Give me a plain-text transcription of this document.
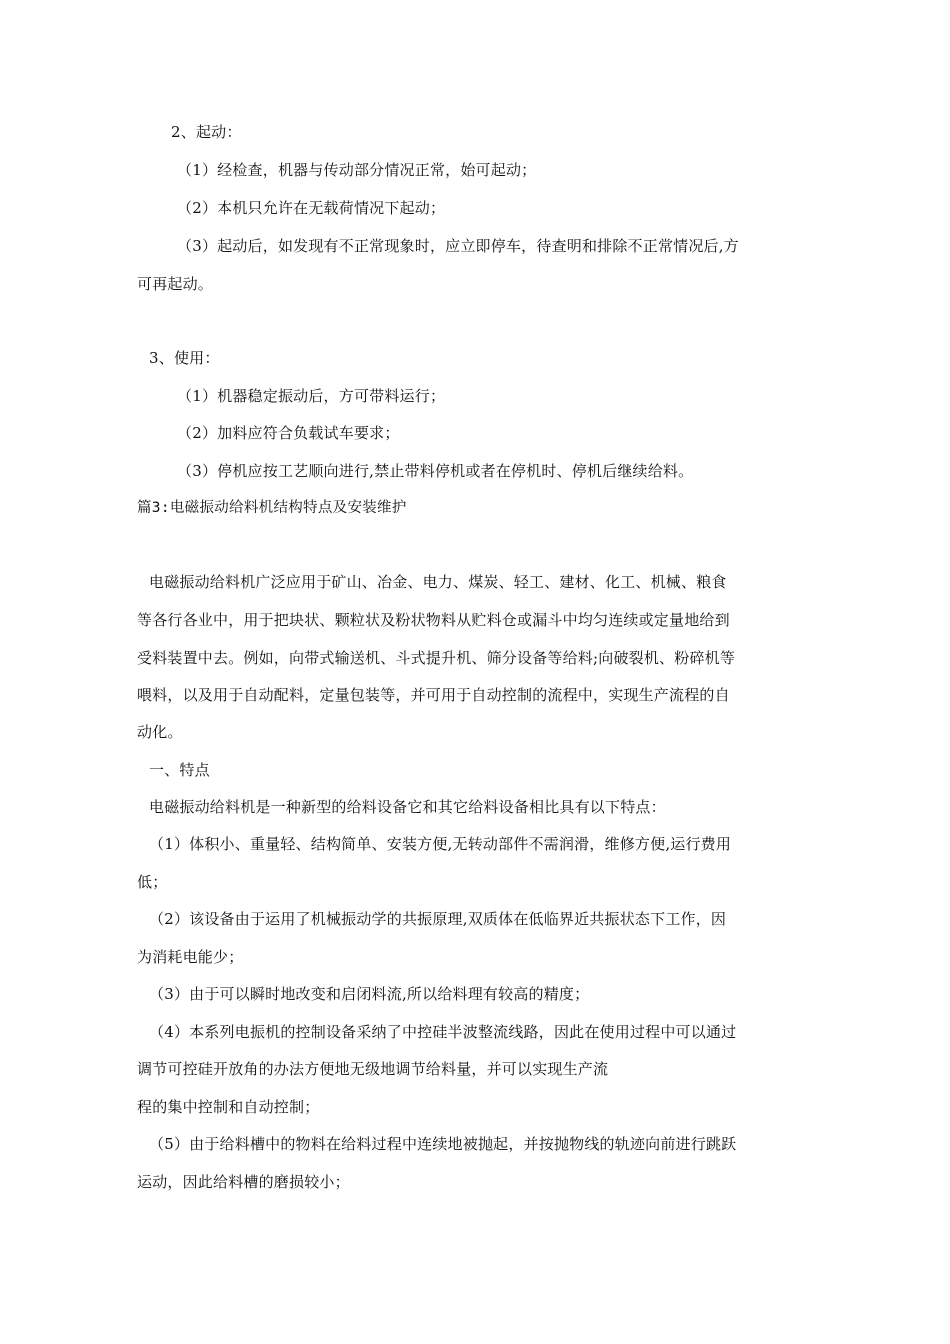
2、起动：
（1）经检查，机器与传动部分情况正常，始可起动；
（2）本机只允许在无载荷情况下起动；
（3）起动后，如发现有不正常现象时，应立即停车，待查明和排除不正常情况后,方
可再起动。
3、使用：
（1）机器稳定振动后，方可带料运行；
（2）加料应符合负载试车要求；
（3）停机应按工艺顺向进行,禁止带料停机或者在停机时、停机后继续给料。
篇3:电磁振动给料机结构特点及安装维护
电磁振动给料机广泛应用于矿山、冶金、电力、煤炭、轻工、建材、化工、机械、粮食
等各行各业中，用于把块状、颗粒状及粉状物料从贮料仓或漏斗中均匀连续或定量地给到
受料装置中去。例如，向带式输送机、斗式提升机、筛分设备等给料;向破裂机、粉碎机等
喂料，以及用于自动配料，定量包装等，并可用于自动控制的流程中，实现生产流程的自
动化。
一、特点
电磁振动给料机是一种新型的给料设备它和其它给料设备相比具有以下特点：
（1）体积小、重量轻、结构简单、安装方便,无转动部件不需润滑，维修方便,运行费用
低；
（2）该设备由于运用了机械振动学的共振原理,双质体在低临界近共振状态下工作，因
为消耗电能少；
（3）由于可以瞬时地改变和启闭料流,所以给料理有较高的精度；
（4）本系列电振机的控制设备采纳了中控硅半波整流线路，因此在使用过程中可以通过
调节可控硅开放角的办法方便地无级地调节给料量，并可以实现生产流
程的集中控制和自动控制；
（5）由于给料槽中的物料在给料过程中连续地被抛起，并按抛物线的轨迹向前进行跳跃
运动，因此给料槽的磨损较小；
